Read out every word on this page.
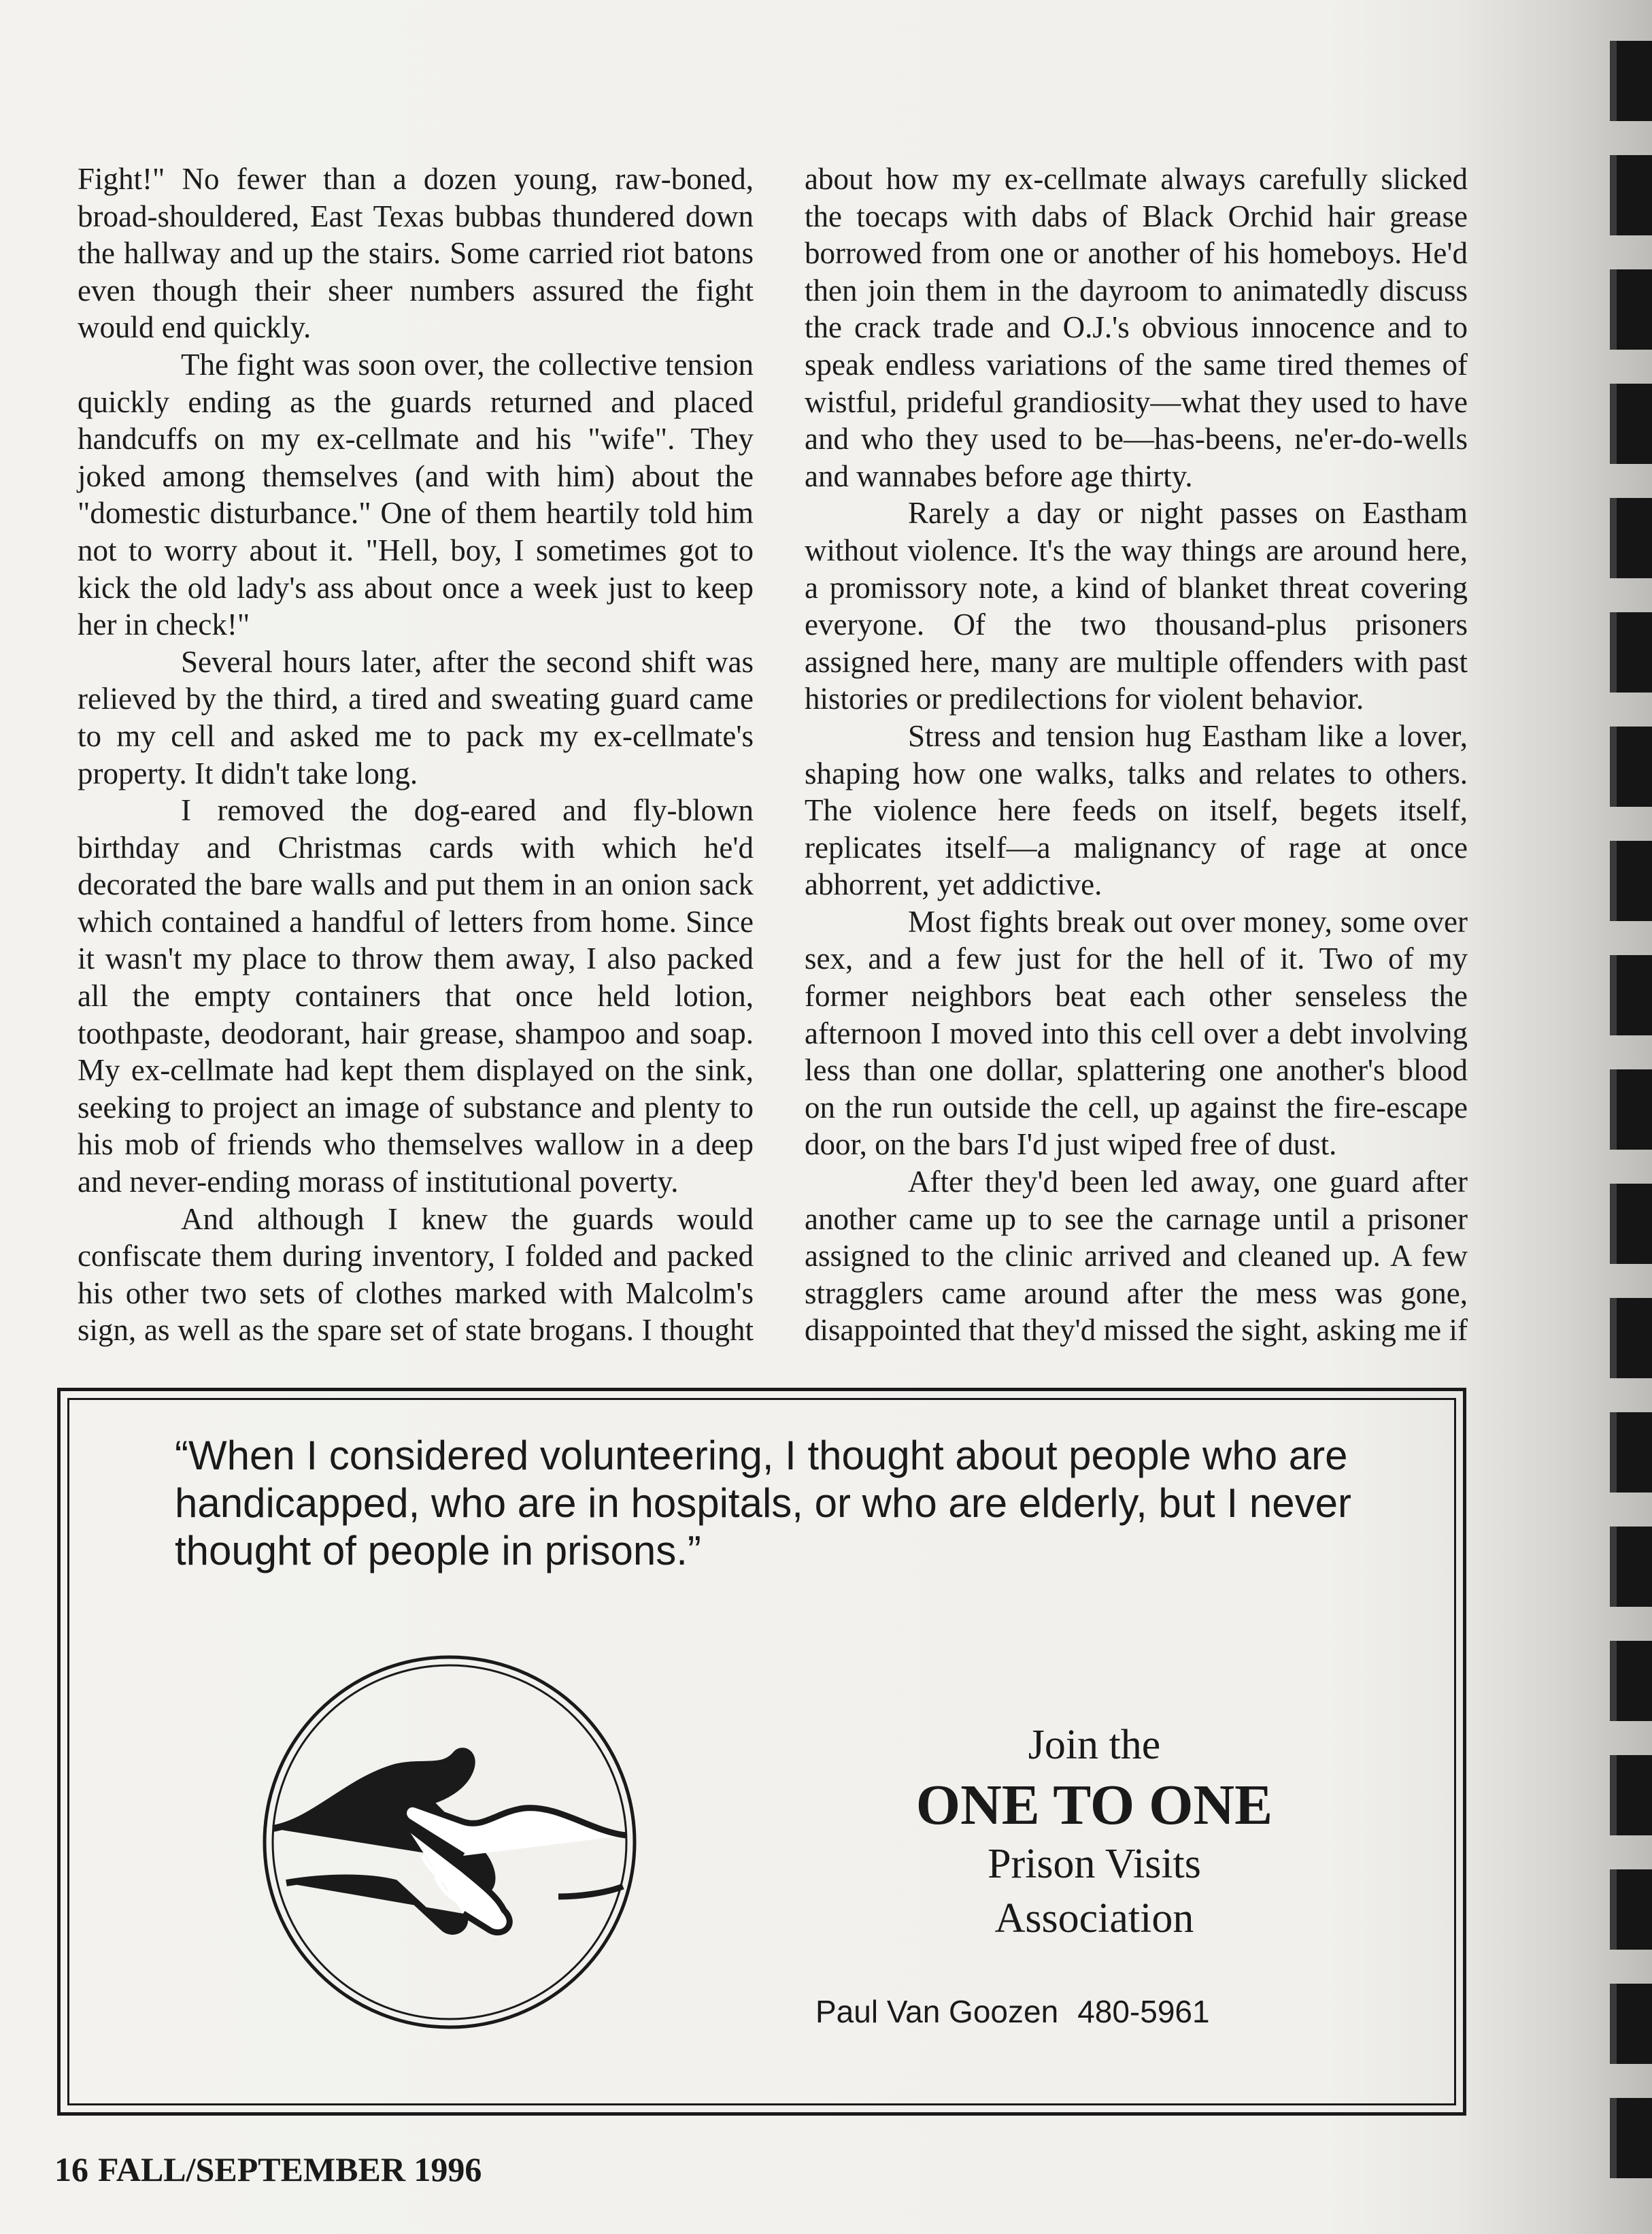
Fight!" No fewer than a dozen young, raw-boned, broad-shouldered, East Texas bubbas thundered down the hallway and up the stairs. Some carried riot batons even though their sheer numbers assured the fight would end quickly.

The fight was soon over, the collective tension quickly ending as the guards returned and placed handcuffs on my ex-cellmate and his "wife". They joked among themselves (and with him) about the "domestic disturbance." One of them heartily told him not to worry about it. "Hell, boy, I sometimes got to kick the old lady's ass about once a week just to keep her in check!"

Several hours later, after the second shift was relieved by the third, a tired and sweating guard came to my cell and asked me to pack my ex-cellmate's property. It didn't take long.

I removed the dog-eared and fly-blown birthday and Christmas cards with which he'd decorated the bare walls and put them in an onion sack which contained a handful of letters from home. Since it wasn't my place to throw them away, I also packed all the empty containers that once held lotion, toothpaste, deodorant, hair grease, shampoo and soap. My ex-cellmate had kept them displayed on the sink, seeking to project an image of substance and plenty to his mob of friends who themselves wallow in a deep and never-ending morass of institutional poverty.

And although I knew the guards would confiscate them during inventory, I folded and packed his other two sets of clothes marked with Malcolm's sign, as well as the spare set of state brogans. I thought

about how my ex-cellmate always carefully slicked the toecaps with dabs of Black Orchid hair grease borrowed from one or another of his homeboys. He'd then join them in the dayroom to animatedly discuss the crack trade and O.J.'s obvious innocence and to speak endless variations of the same tired themes of wistful, prideful grandiosity—what they used to have and who they used to be—has-beens, ne'er-do-wells and wannabes before age thirty.

Rarely a day or night passes on Eastham without violence. It's the way things are around here, a promissory note, a kind of blanket threat covering everyone. Of the two thousand-plus prisoners assigned here, many are multiple offenders with past histories or predilections for violent behavior.

Stress and tension hug Eastham like a lover, shaping how one walks, talks and relates to others. The violence here feeds on itself, begets itself, replicates itself—a malignancy of rage at once abhorrent, yet addictive.

Most fights break out over money, some over sex, and a few just for the hell of it. Two of my former neighbors beat each other senseless the afternoon I moved into this cell over a debt involving less than one dollar, splattering one another's blood on the run outside the cell, up against the fire-escape door, on the bars I'd just wiped free of dust.

After they'd been led away, one guard after another came up to see the carnage until a prisoner assigned to the clinic arrived and cleaned up. A few stragglers came around after the mess was gone, disappointed that they'd missed the sight, asking me if

“When I considered volunteering, I thought about people who are handicapped, who are in hospitals, or who are elderly, but I never thought of people in prisons.”
Join the
ONE TO ONE
Prison Visits
Association
Paul Van Goozen 480-5961
16 FALL/SEPTEMBER 1996
